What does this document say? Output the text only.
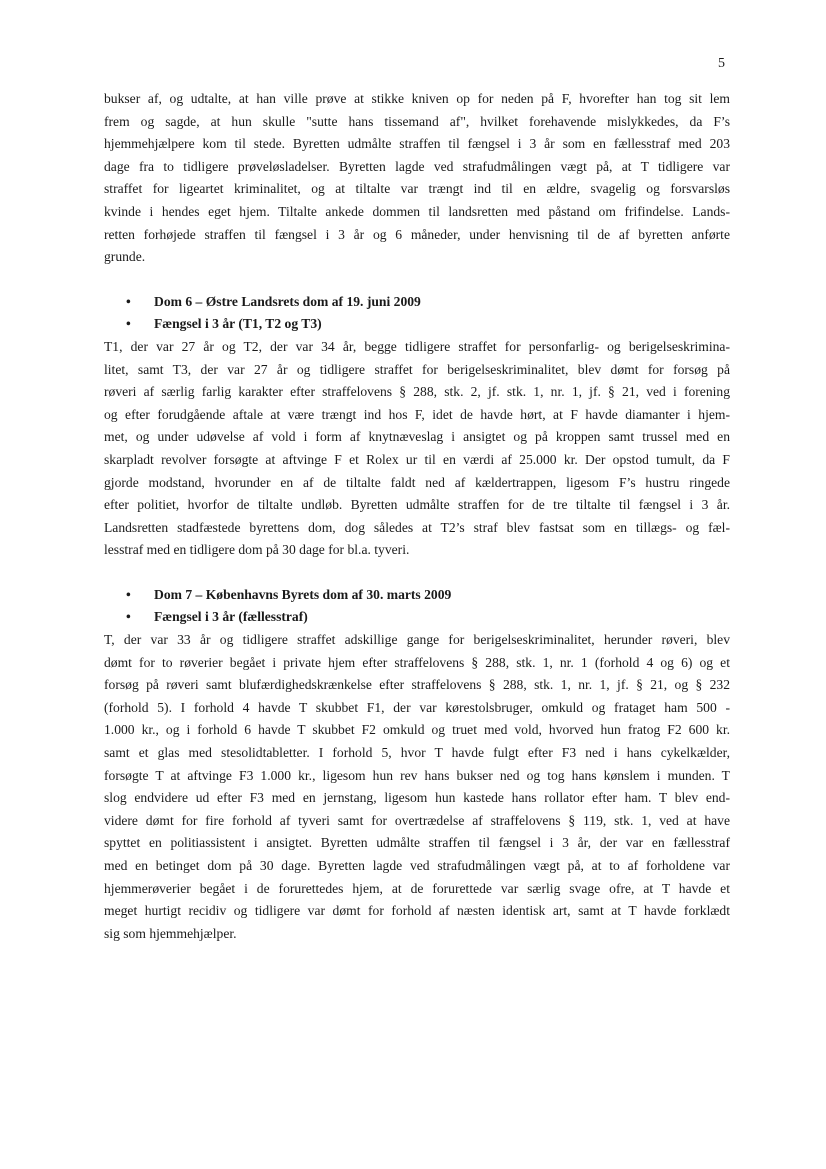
5

bukser af, og udtalte, at han ville prøve at stikke kniven op for neden på F, hvorefter han tog sit lem
frem og sagde, at hun skulle "sutte hans tissemand af", hvilket forehavende mislykkedes, da F’s
hjemmehjælpere kom til stede. Byretten udmålte straffen til fængsel i 3 år som en fællesstraf med 203
dage fra to tidligere prøveløsladelser. Byretten lagde ved strafudmålingen vægt på, at T tidligere var
straffet for ligeartet kriminalitet, og at tiltalte var trængt ind til en ældre, svagelig og forsvarsløs
kvinde i hendes eget hjem. Tiltalte ankede dommen til landsretten med påstand om frifindelse. Lands-
retten forhøjede straffen til fængsel i 3 år og 6 måneder, under henvisning til de af byretten anførte
grunde.

• Dom 6 – Østre Landsrets dom af 19. juni 2009
• Fængsel i 3 år (T1, T2 og T3)

T1, der var 27 år og T2, der var 34 år, begge tidligere straffet for personfarlig- og berigelseskrimina-
litet, samt T3, der var 27 år og tidligere straffet for berigelseskriminalitet, blev dømt for forsøg på
røveri af særlig farlig karakter efter straffelovens § 288, stk. 2, jf. stk. 1, nr. 1, jf. § 21, ved i forening
og efter forudgående aftale at være trængt ind hos F, idet de havde hørt, at F havde diamanter i hjem-
met, og under udøvelse af vold i form af knytnæveslag i ansigtet og på kroppen samt trussel med en
skarpladt revolver forsøgte at aftvinge F et Rolex ur til en værdi af 25.000 kr. Der opstod tumult, da F
gjorde modstand, hvorunder en af de tiltalte faldt ned af kældertrappen, ligesom F’s hustru ringede
efter politiet, hvorfor de tiltalte undløb. Byretten udmålte straffen for de tre tiltalte til fængsel i 3 år.
Landsretten stadfæstede byrettens dom, dog således at T2’s straf blev fastsat som en tillægs- og fæl-
lesstraf med en tidligere dom på 30 dage for bl.a. tyveri.

• Dom 7 – Københavns Byrets dom af 30. marts 2009
• Fængsel i 3 år (fællesstraf)

T, der var 33 år og tidligere straffet adskillige gange for berigelseskriminalitet, herunder røveri, blev
dømt for to røverier begået i private hjem efter straffelovens § 288, stk. 1, nr. 1 (forhold 4 og 6) og et
forsøg på røveri samt blufærdighedskrænkelse efter straffelovens § 288, stk. 1, nr. 1, jf. § 21, og § 232
(forhold 5). I forhold 4 havde T skubbet F1, der var kørestolsbruger, omkuld og frataget ham 500 -
1.000 kr., og i forhold 6 havde T skubbet F2 omkuld og truet med vold, hvorved hun fratog F2 600 kr.
samt et glas med stesolidtabletter. I forhold 5, hvor T havde fulgt efter F3 ned i hans cykelkælder,
forsøgte T at aftvinge F3 1.000 kr., ligesom hun rev hans bukser ned og tog hans kønslem i munden. T
slog endvidere ud efter F3 med en jernstang, ligesom hun kastede hans rollator efter ham. T blev end-
videre dømt for fire forhold af tyveri samt for overtrædelse af straffelovens § 119, stk. 1, ved at have
spyttet en politiassistent i ansigtet. Byretten udmålte straffen til fængsel i 3 år, der var en fællesstraf
med en betinget dom på 30 dage. Byretten lagde ved strafudmålingen vægt på, at to af forholdene var
hjemmerøverier begået i de forurettedes hjem, at de forurettede var særlig svage ofre, at T havde et
meget hurtigt recidiv og tidligere var dømt for forhold af næsten identisk art, samt at T havde forklædt
sig som hjemmehjælper.
